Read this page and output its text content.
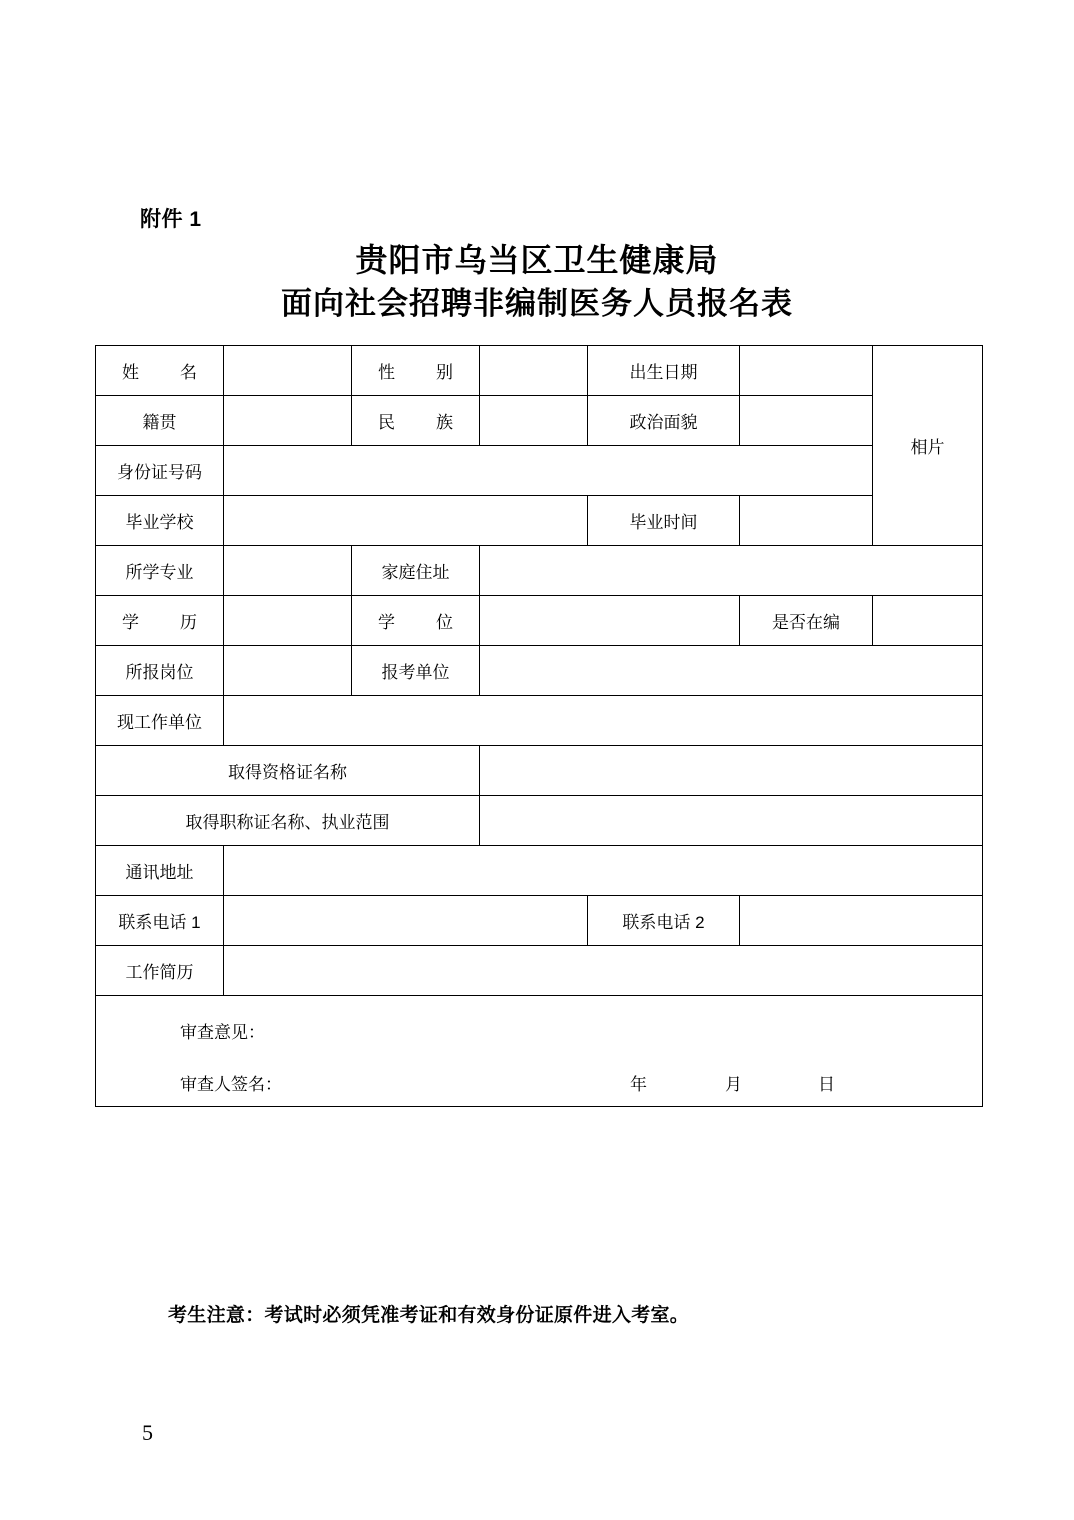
附件 1
贵阳市乌当区卫生健康局
面向社会招聘非编制医务人员报名表
姓　名		性　别		出生日期		相片
籍贯		民　族		政治面貌		
身份证号码						
毕业学校				毕业时间		
所学专业		家庭住址				
学　历		学　位			是否在编	
所报岗位		报考单位				
现工作单位						
取得资格证名称						
取得职称证名称、执业范围						
通讯地址						
联系电话 1				联系电话 2		
工作简历						

审查意见：
审查人签名： 年 月 日						
考生注意：考试时必须凭准考证和有效身份证原件进入考室。
5
